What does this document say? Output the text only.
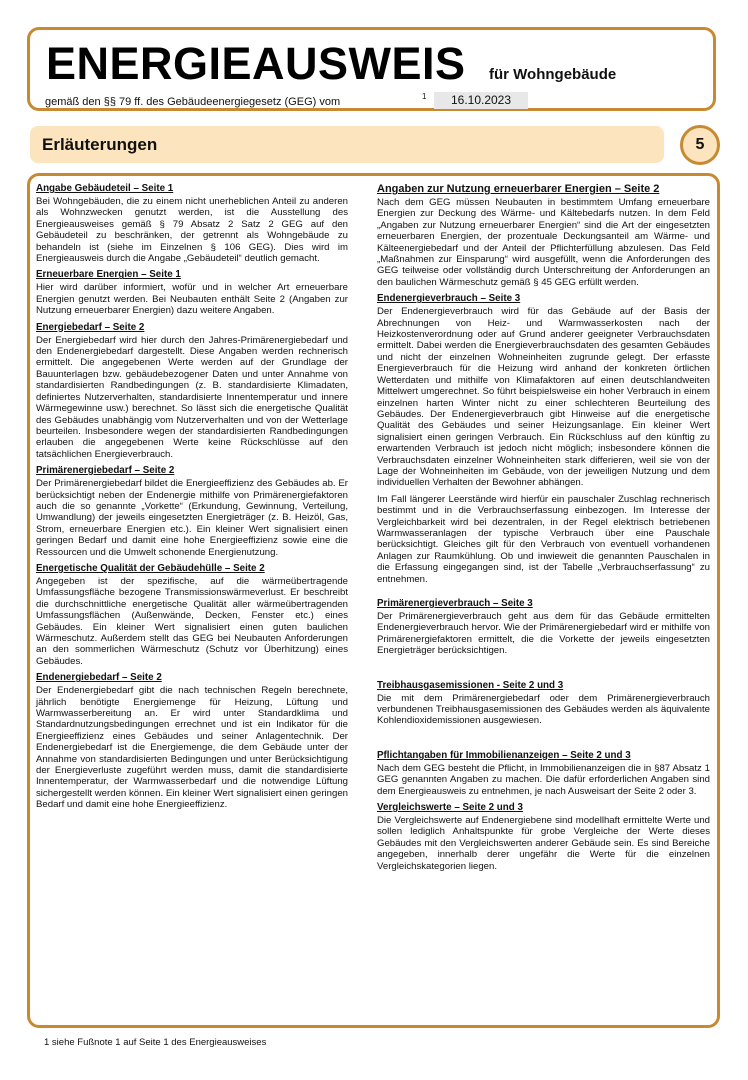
ENERGIEAUSWEIS für Wohngebäude
gemäß den §§ 79 ff. des Gebäudeenergiegesetz (GEG) vom	1	16.10.2023
Erläuterungen	5
Angabe Gebäudeteil – Seite 1

Bei Wohngebäuden, die zu einem nicht unerheblichen Anteil zu anderen als Wohnzwecken genutzt werden, ist die Ausstellung des Energieausweises gemäß § 79 Absatz 2 Satz 2 GEG auf den Gebäudeteil zu beschränken, der getrennt als Wohngebäude zu behandeln ist (siehe im Einzelnen § 106 GEG). Dies wird im Energieausweis durch die Angabe „Gebäudeteil“ deutlich gemacht.

Erneuerbare Energien – Seite 1

Hier wird darüber informiert, wofür und in welcher Art erneuerbare Energien genutzt werden. Bei Neubauten enthält Seite 2 (Angaben zur Nutzung erneuerbarer Energien) dazu weitere Angaben.

Energiebedarf – Seite 2

Der Energiebedarf wird hier durch den Jahres-Primärenergiebedarf und den Endenergiebedarf dargestellt. Diese Angaben werden rechnerisch ermittelt. Die angegebenen Werte werden auf der Grundlage der Bauunterlagen bzw. gebäudebezogener Daten und unter Annahme von standardisierten Randbedingungen (z. B. standardisierte Klimadaten, definiertes Nutzerverhalten, standardisierte Innentemperatur und innere Wärmegewinne usw.) berechnet. So lässt sich die energetische Qualität des Gebäudes unabhängig vom Nutzerverhalten und von der Wetterlage beurteilen. Insbesondere wegen der standardisierten Randbedingungen erlauben die angegebenen Werte keine Rückschlüsse auf den tatsächlichen Energieverbrauch.

Primärenergiebedarf – Seite 2

Der Primärenergiebedarf bildet die Energieeffizienz des Gebäudes ab. Er berücksichtigt neben der Endenergie mithilfe von Primärenergiefaktoren auch die so genannte „Vorkette“ (Erkundung, Gewinnung, Verteilung, Umwandlung) der jeweils eingesetzten Energieträger (z. B. Heizöl, Gas, Strom, erneuerbare Energien etc.). Ein kleiner Wert signalisiert einen geringen Bedarf und damit eine hohe Energieeffizienz sowie eine die Ressourcen und die Umwelt schonende Energienutzung.

Energetische Qualität der Gebäudehülle – Seite 2

Angegeben ist der spezifische, auf die wärmeübertragende Umfassungsfläche bezogene Transmissionswärmeverlust. Er beschreibt die durchschnittliche energetische Qualität aller wärmeübertragenden Umfassungsflächen (Außenwände, Decken, Fenster etc.) eines Gebäudes. Ein kleiner Wert signalisiert einen guten baulichen Wärmeschutz. Außerdem stellt das GEG bei Neubauten Anforderungen an den sommerlichen Wärmeschutz (Schutz vor Überhitzung) eines Gebäudes.

Endenergiebedarf – Seite 2

Der Endenergiebedarf gibt die nach technischen Regeln berechnete, jährlich benötigte Energiemenge für Heizung, Lüftung und Warmwasserbereitung an. Er wird unter Standardklima und Standardnutzungsbedingungen errechnet und ist ein Indikator für die Energieeffizienz eines Gebäudes und seiner Anlagentechnik. Der Endenergiebedarf ist die Energiemenge, die dem Gebäude unter der Annahme von standardisierten Bedingungen und unter Berücksichtigung der Energieverluste zugeführt werden muss, damit die standardisierte Innentemperatur, der Warmwasserbedarf und die notwendige Lüftung sichergestellt werden können. Ein kleiner Wert signalisiert einen geringen Bedarf und damit eine hohe Energieeffizienz.

Angaben zur Nutzung erneuerbarer Energien – Seite 2

Nach dem GEG müssen Neubauten in bestimmtem Umfang erneuerbare Energien zur Deckung des Wärme- und Kältebedarfs nutzen. In dem Feld „Angaben zur Nutzung erneuerbarer Energien“ sind die Art der eingesetzten erneuerbaren Energien, der prozentuale Deckungsanteil am Wärme- und Kälteenergiebedarf und der Anteil der Pflichterfüllung abzulesen. Das Feld „Maßnahmen zur Einsparung“ wird ausgefüllt, wenn die Anforderungen des GEG teilweise oder vollständig durch Unterschreitung der Anforderungen an den baulichen Wärmeschutz gemäß § 45 GEG erfüllt werden.

Endenergieverbrauch – Seite 3

Der Endenergieverbrauch wird für das Gebäude auf der Basis der Abrechnungen von Heiz- und Warmwasserkosten nach der Heizkostenverordnung oder auf Grund anderer geeigneter Verbrauchsdaten ermittelt. Dabei werden die Energieverbrauchsdaten des gesamten Gebäudes und nicht der einzelnen Wohneinheiten zugrunde gelegt. Der erfasste Energieverbrauch für die Heizung wird anhand der konkreten örtlichen Wetterdaten und mithilfe von Klimafaktoren auf einen deutschlandweiten Mittelwert umgerechnet. So führt beispielsweise ein hoher Verbrauch in einem einzelnen harten Winter nicht zu einer schlechteren Beurteilung des Gebäudes. Der Endenergieverbrauch gibt Hinweise auf die energetische Qualität des Gebäudes und seiner Heizungsanlage. Ein kleiner Wert signalisiert einen geringen Verbrauch. Ein Rückschluss auf den künftig zu erwartenden Verbrauch ist jedoch nicht möglich; insbesondere können die Verbrauchsdaten einzelner Wohneinheiten stark differieren, weil sie von der Lage der Wohneinheiten im Gebäude, von der jeweiligen Nutzung und dem individuellen Verhalten der Bewohner abhängen.

Im Fall längerer Leerstände wird hierfür ein pauschaler Zuschlag rechnerisch bestimmt und in die Verbrauchserfassung einbezogen. Im Interesse der Vergleichbarkeit wird bei dezentralen, in der Regel elektrisch betriebenen Warmwasseranlagen der typische Verbrauch über eine Pauschale berücksichtigt. Gleiches gilt für den Verbrauch von eventuell vorhandenen Anlagen zur Raumkühlung. Ob und inwieweit die genannten Pauschalen in die Erfassung eingegangen sind, ist der Tabelle „Verbrauchserfassung“ zu entnehmen.

Primärenergieverbrauch – Seite 3

Der Primärenergieverbrauch geht aus dem für das Gebäude ermittelten Endenergieverbrauch hervor. Wie der Primärenergiebedarf wird er mithilfe von Primärenergiefaktoren ermittelt, die die Vorkette der jeweils eingesetzten Energieträger berücksichtigen.

Treibhausgasemissionen - Seite 2 und 3

Die mit dem Primärenergiebedarf oder dem Primärenergieverbrauch verbundenen Treibhausgasemissionen des Gebäudes werden als äquivalente Kohlendioxidemissionen ausgewiesen.

Pflichtangaben für Immobilienanzeigen – Seite 2 und 3

Nach dem GEG besteht die Pflicht, in Immobilienanzeigen die in §87 Absatz 1 GEG genannten Angaben zu machen. Die dafür erforderlichen Angaben sind dem Energieausweis zu entnehmen, je nach Ausweisart der Seite 2 oder 3.

Vergleichswerte – Seite 2 und 3

Die Vergleichswerte auf Endenergiebene sind modellhaft ermittelte Werte und sollen lediglich Anhaltspunkte für grobe Vergleiche der Werte dieses Gebäudes mit den Vergleichswerten anderer Gebäude sein. Es sind Bereiche angegeben, innerhalb derer ungefähr die Werte für die einzelnen Vergleichskategorien liegen.

1 siehe Fußnote 1 auf Seite 1 des Energieausweises
